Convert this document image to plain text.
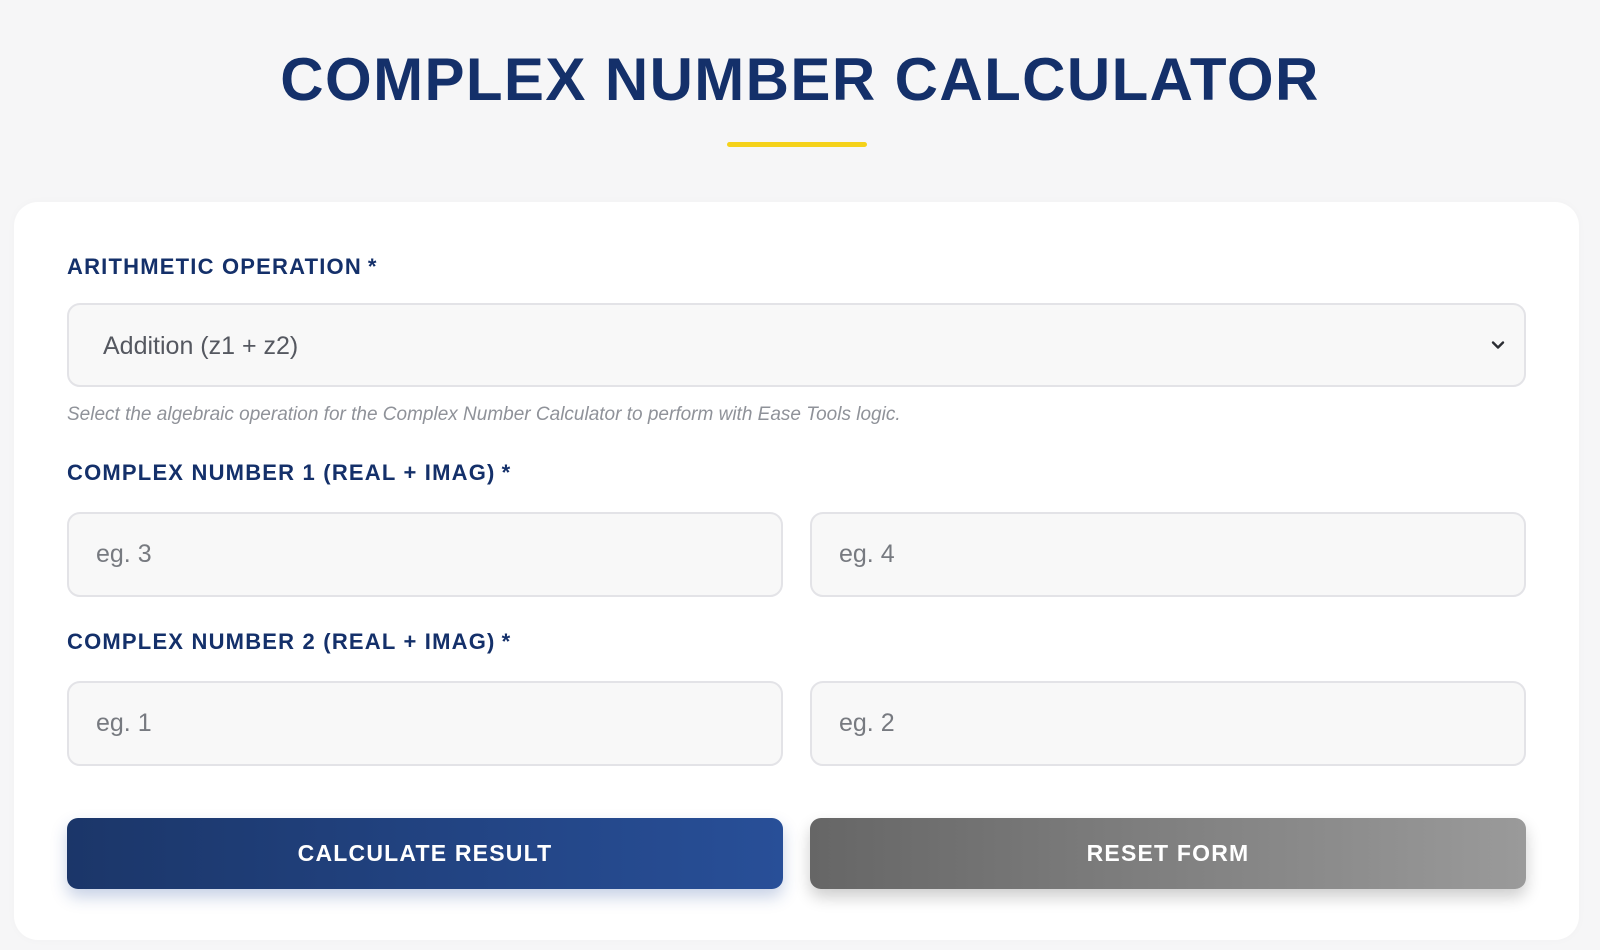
COMPLEX NUMBER CALCULATOR
ARITHMETIC OPERATION *
Addition (z1 + z2)

Select the algebraic operation for the Complex Number Calculator to perform with Ease Tools logic.

COMPLEX NUMBER 1 (REAL + IMAG) *
eg. 3
eg. 4
COMPLEX NUMBER 2 (REAL + IMAG) *
eg. 1
eg. 2
CALCULATE RESULT	RESET FORM
